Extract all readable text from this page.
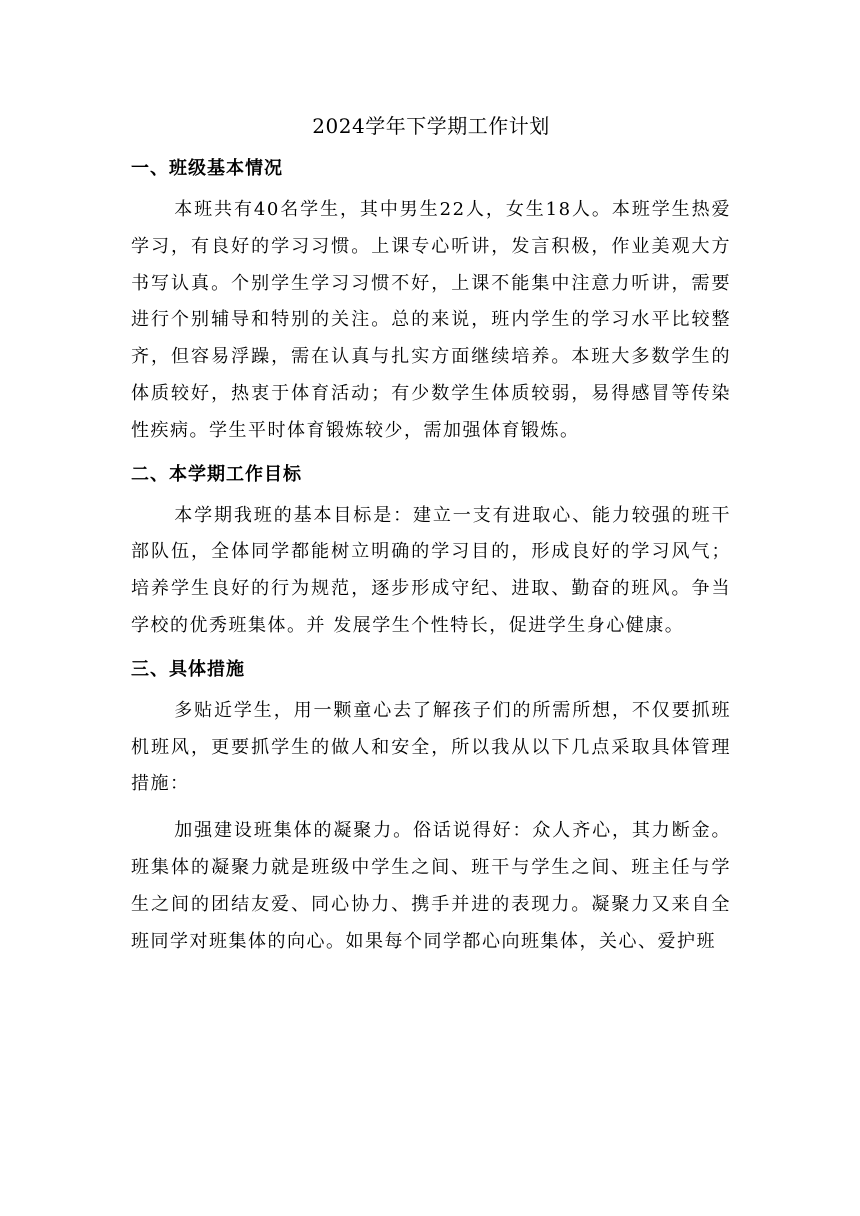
2024学年下学期工作计划
一、班级基本情况

本班共有40名学生，其中男生22人，女生18人。本班学生热爱学习，有良好的学习习惯。上课专心听讲，发言积极，作业美观大方书写认真。个别学生学习习惯不好，上课不能集中注意力听讲，需要进行个别辅导和特别的关注。总的来说，班内学生的学习水平比较整齐，但容易浮躁，需在认真与扎实方面继续培养。本班大多数学生的体质较好，热衷于体育活动；有少数学生体质较弱，易得感冒等传染性疾病。学生平时体育锻炼较少，需加强体育锻炼。

二、本学期工作目标

本学期我班的基本目标是：建立一支有进取心、能力较强的班干部队伍，全体同学都能树立明确的学习目的，形成良好的学习风气；培养学生良好的行为规范，逐步形成守纪、进取、勤奋的班风。争当学校的优秀班集体。并 发展学生个性特长，促进学生身心健康。

三、具体措施

多贴近学生，用一颗童心去了解孩子们的所需所想，不仅要抓班机班风，更要抓学生的做人和安全，所以我从以下几点采取具体管理措施：

加强建设班集体的凝聚力。俗话说得好：众人齐心，其力断金。班集体的凝聚力就是班级中学生之间、班干与学生之间、班主任与学生之间的团结友爱、同心协力、携手并进的表现力。凝聚力又来自全班同学对班集体的向心。如果每个同学都心向班集体，关心、爱护班
